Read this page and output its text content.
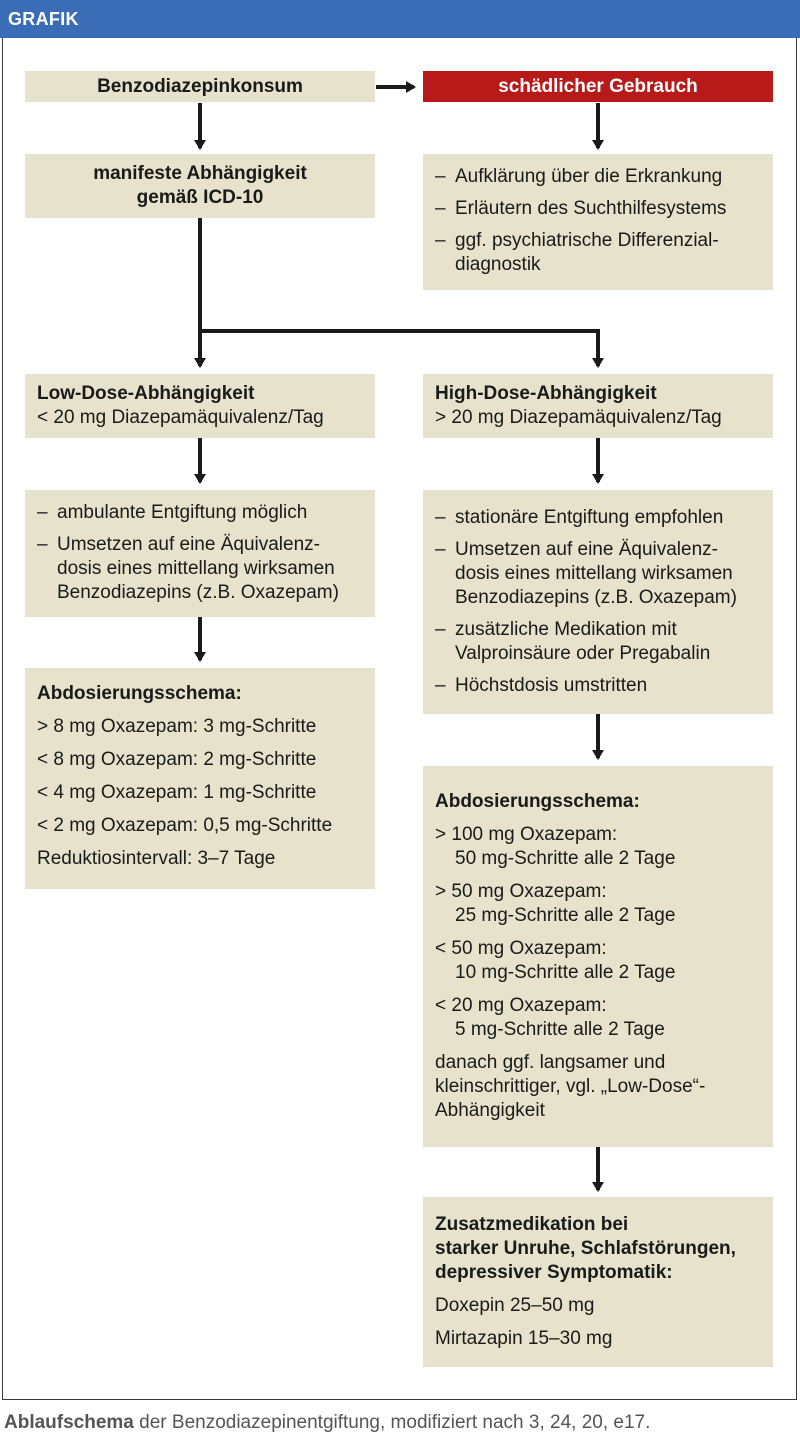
GRAFIK
Benzodiazepinkonsum	schädlicher Gebrauch
manifeste Abhängigkeit
gemäß ICD-10
– Aufklärung über die Erkrankung
– Erläutern des Suchthilfesystems
– ggf. psychiatrische Differenzial-
diagnostik
Low-Dose-Abhängigkeit
< 20 mg Diazepamäquivalenz/Tag
High-Dose-Abhängigkeit
> 20 mg Diazepamäquivalenz/Tag
– ambulante Entgiftung möglich
– Umsetzen auf eine Äquivalenz-
dosis eines mittellang wirksamen
Benzodiazepins (z.B. Oxazepam)
– stationäre Entgiftung empfohlen
– Umsetzen auf eine Äquivalenz-
dosis eines mittellang wirksamen
Benzodiazepins (z.B. Oxazepam)
– zusätzliche Medikation mit
Valproinsäure oder Pregabalin
– Höchstdosis umstritten
Abdosierungsschema:
> 8 mg Oxazepam: 3 mg-Schritte
< 8 mg Oxazepam: 2 mg-Schritte
< 4 mg Oxazepam: 1 mg-Schritte
< 2 mg Oxazepam: 0,5 mg-Schritte
Reduktiosintervall: 3–7 Tage
Abdosierungsschema:
> 100 mg Oxazepam:
50 mg-Schritte alle 2 Tage
> 50 mg Oxazepam:
25 mg-Schritte alle 2 Tage
< 50 mg Oxazepam:
10 mg-Schritte alle 2 Tage
< 20 mg Oxazepam:
5 mg-Schritte alle 2 Tage
danach ggf. langsamer und
kleinschrittiger, vgl. „Low-Dose“-
Abhängigkeit
Zusatzmedikation bei
starker Unruhe, Schlafstörungen,
depressiver Symptomatik:
Doxepin 25–50 mg
Mirtazapin 15–30 mg
Ablaufschema der Benzodiazepinentgiftung, modifiziert nach 3, 24, 20, e17.
